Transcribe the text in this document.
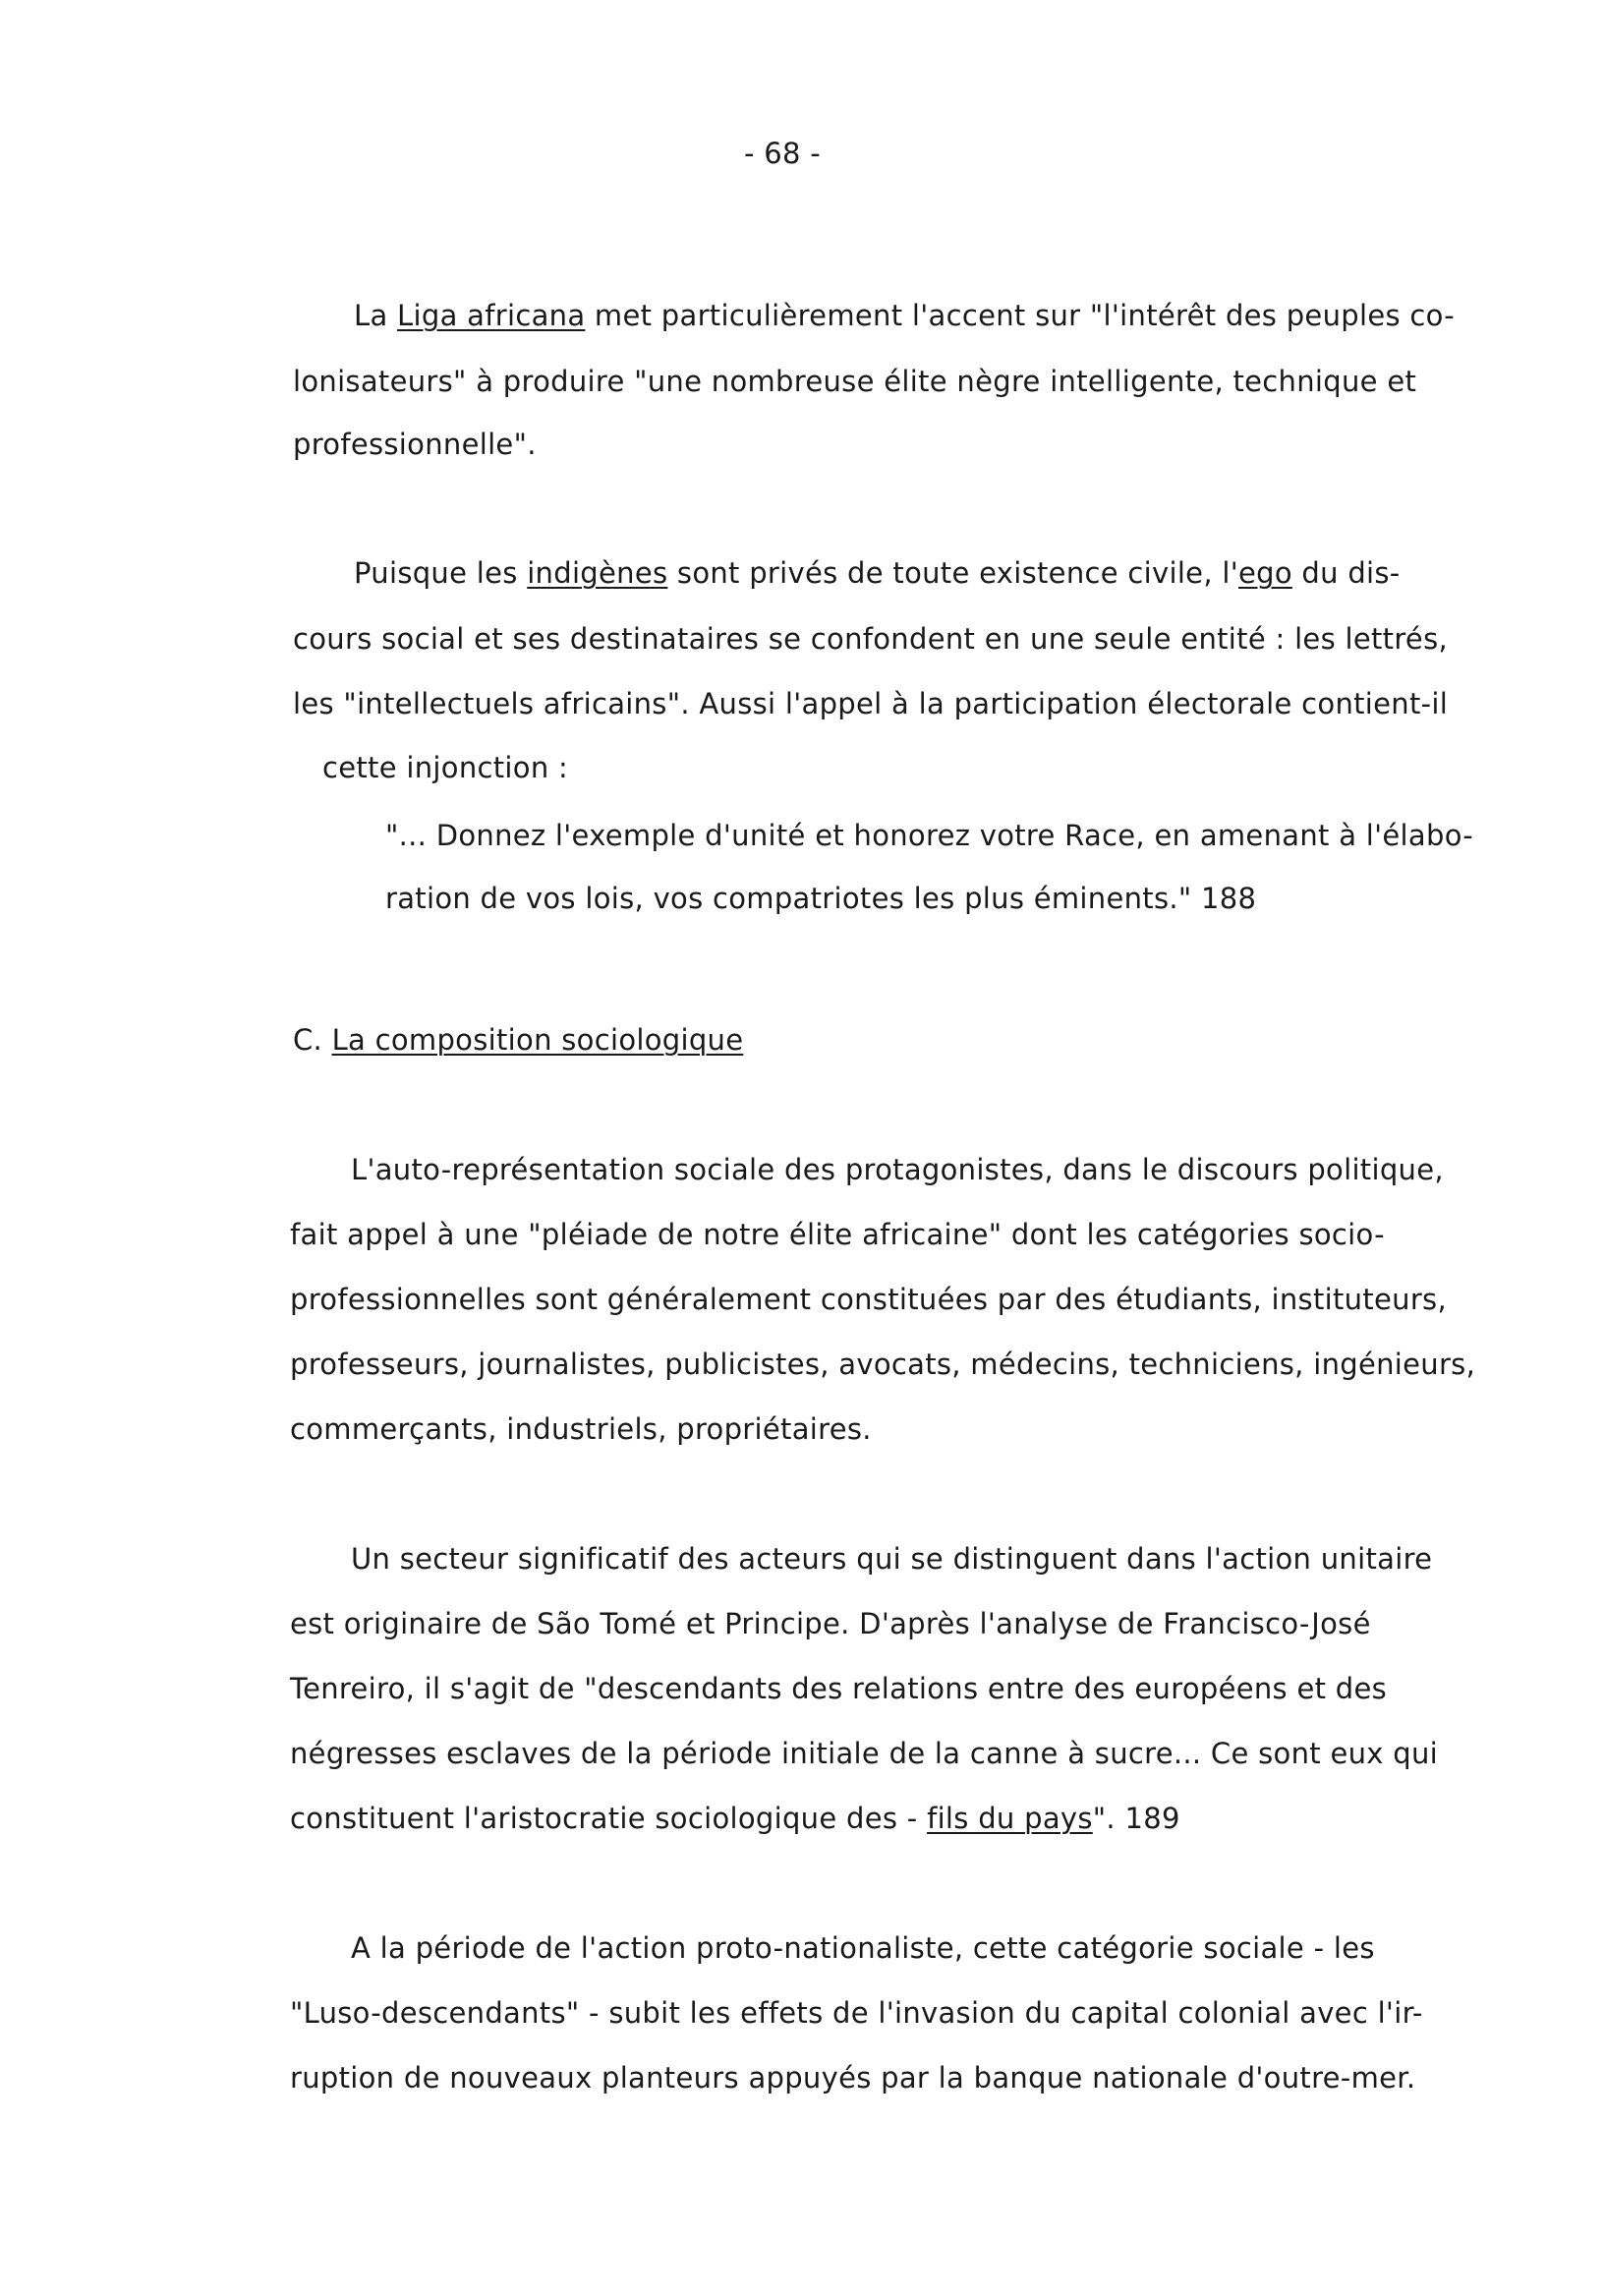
- 68 -
La Liga africana met particulièrement l'accent sur "l'intérêt des peuples co-
lonisateurs" à produire "une nombreuse élite nègre intelligente, technique et
professionnelle".
Puisque les indigènes sont privés de toute existence civile, l'ego du dis-
cours social et ses destinataires se confondent en une seule entité : les lettrés,
les "intellectuels africains". Aussi l'appel à la participation électorale contient-il
cette injonction :
"... Donnez l'exemple d'unité et honorez votre Race, en amenant à l'élabo-
ration de vos lois, vos compatriotes les plus éminents." 188
C. La composition sociologique
L'auto-représentation sociale des protagonistes, dans le discours politique,
fait appel à une "pléiade de notre élite africaine" dont les catégories socio-
professionnelles sont généralement constituées par des étudiants, instituteurs,
professeurs, journalistes, publicistes, avocats, médecins, techniciens, ingénieurs,
commerçants, industriels, propriétaires.
Un secteur significatif des acteurs qui se distinguent dans l'action unitaire
est originaire de São Tomé et Principe. D'après l'analyse de Francisco-José
Tenreiro, il s'agit de "descendants des relations entre des européens et des
négresses esclaves de la période initiale de la canne à sucre... Ce sont eux qui
constituent l'aristocratie sociologique des - fils du pays". 189
A la période de l'action proto-nationaliste, cette catégorie sociale - les
"Luso-descendants" - subit les effets de l'invasion du capital colonial avec l'ir-
ruption de nouveaux planteurs appuyés par la banque nationale d'outre-mer.
